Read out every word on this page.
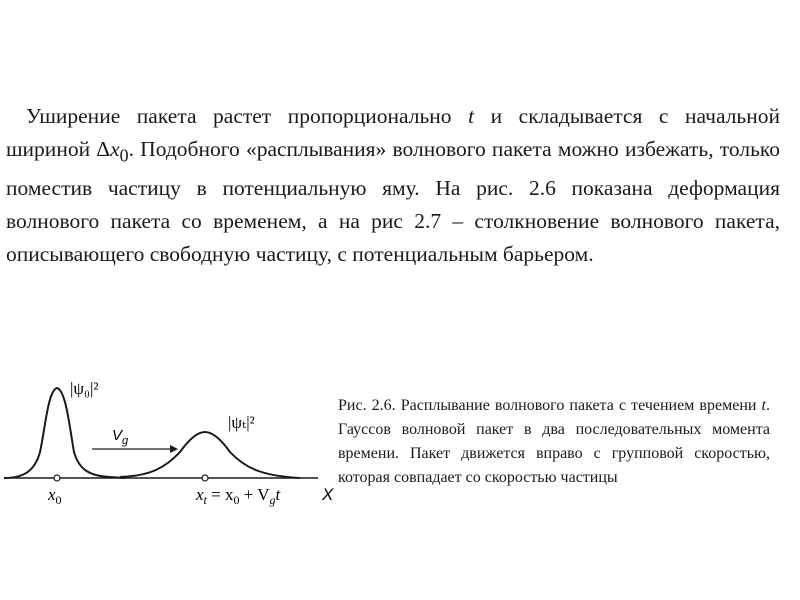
Уширение пакета растет пропорционально t и складывается с начальной шириной $\Delta x_0$. Подобного «расплывания» волнового пакета можно избежать, только поместив частицу в потенциальную яму. На рис. 2.6 показана деформация волнового пакета со временем, а на рис 2.7 – столкновение волнового пакета, описывающего свободную частицу, с потенциальным барьером.

$V_g$
|ψ₀|²
|ψₜ|²
$x_0$	$x_t = x_0 + V_gt$ X

Рис. 2.6. Расплывание волнового пакета с течением времени t. Гауссов волновой пакет в два последовательных момента времени. Пакет движется вправо с групповой скоростью, которая совпадает со скоростью частицы
